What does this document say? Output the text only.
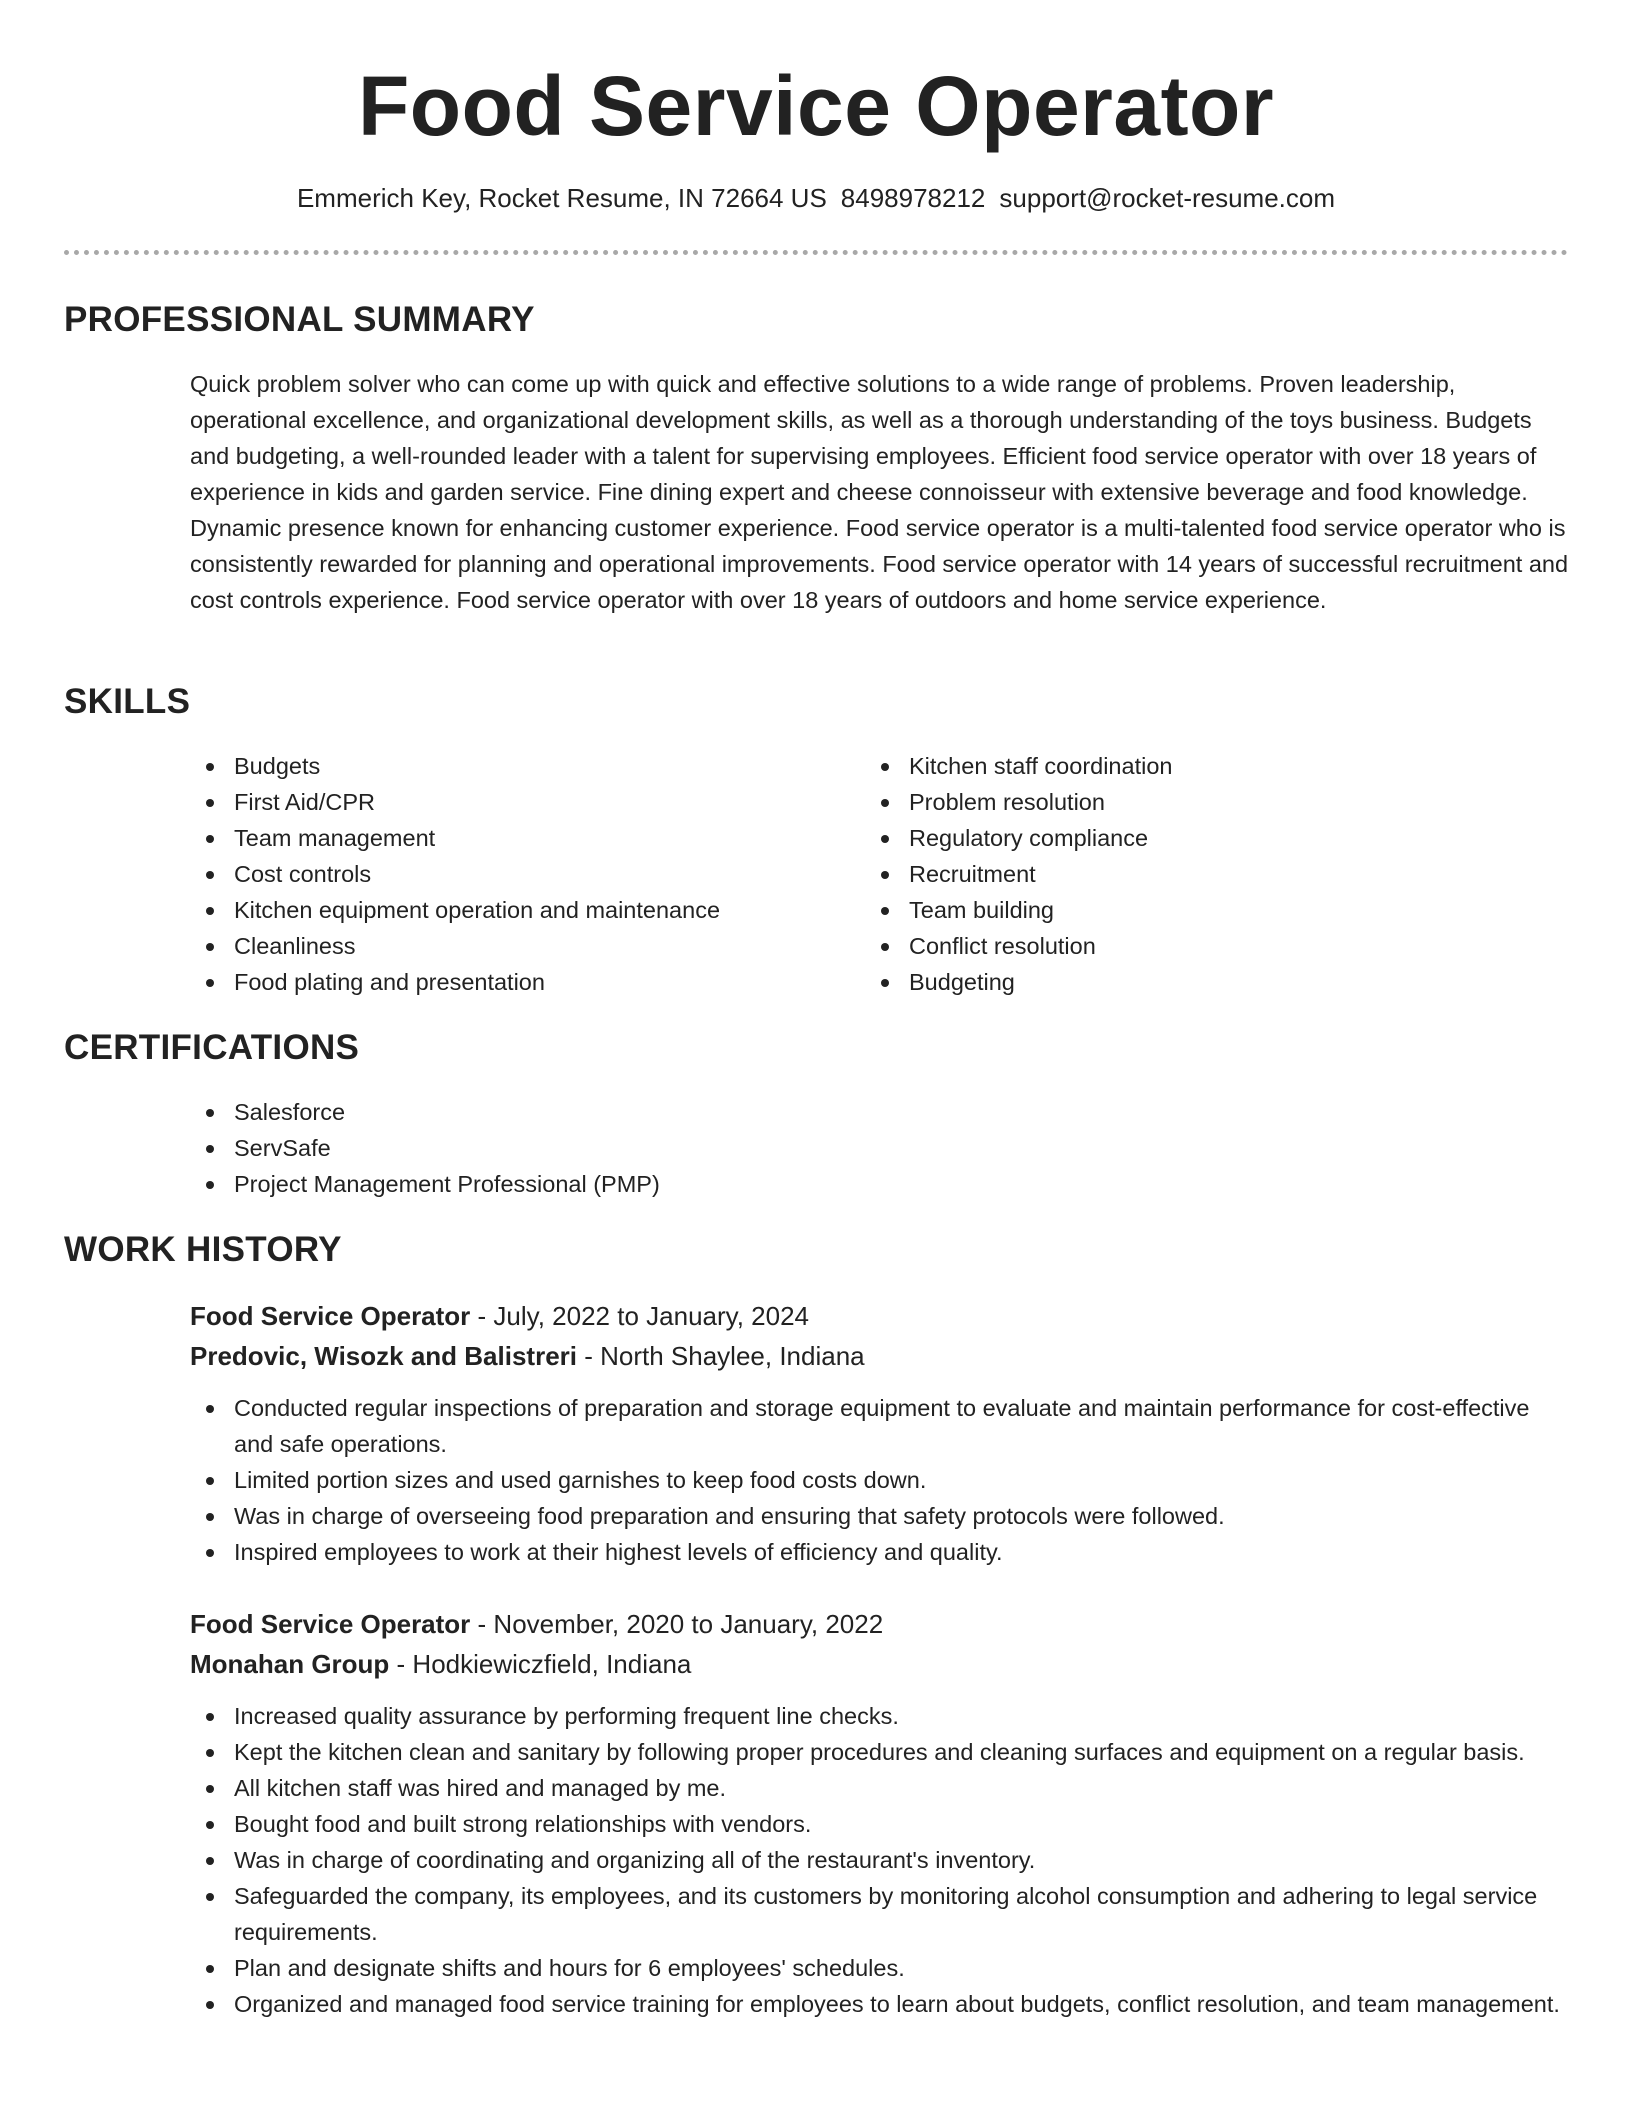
Food Service Operator
Emmerich Key, Rocket Resume, IN 72664 US 8498978212 support@rocket-resume.com
PROFESSIONAL SUMMARY

Quick problem solver who can come up with quick and effective solutions to a wide range of problems. Proven leadership, operational excellence, and organizational development skills, as well as a thorough understanding of the toys business. Budgets and budgeting, a well-rounded leader with a talent for supervising employees. Efficient food service operator with over 18 years of experience in kids and garden service. Fine dining expert and cheese connoisseur with extensive beverage and food knowledge. Dynamic presence known for enhancing customer experience. Food service operator is a multi-talented food service operator who is consistently rewarded for planning and operational improvements. Food service operator with 14 years of successful recruitment and cost controls experience. Food service operator with over 18 years of outdoors and home service experience.

SKILLS
Budgets
First Aid/CPR
Team management
Cost controls
Kitchen equipment operation and maintenance
Cleanliness
Food plating and presentation
Kitchen staff coordination
Problem resolution
Regulatory compliance
Recruitment
Team building
Conflict resolution
Budgeting
CERTIFICATIONS
Salesforce
ServSafe
Project Management Professional (PMP)
WORK HISTORY
Food Service Operator - July, 2022 to January, 2024
Predovic, Wisozk and Balistreri - North Shaylee, Indiana
Conducted regular inspections of preparation and storage equipment to evaluate and maintain performance for cost-effective and safe operations.
Limited portion sizes and used garnishes to keep food costs down.
Was in charge of overseeing food preparation and ensuring that safety protocols were followed.
Inspired employees to work at their highest levels of efficiency and quality.
Food Service Operator - November, 2020 to January, 2022
Monahan Group - Hodkiewiczfield, Indiana
Increased quality assurance by performing frequent line checks.
Kept the kitchen clean and sanitary by following proper procedures and cleaning surfaces and equipment on a regular basis.
All kitchen staff was hired and managed by me.
Bought food and built strong relationships with vendors.
Was in charge of coordinating and organizing all of the restaurant's inventory.
Safeguarded the company, its employees, and its customers by monitoring alcohol consumption and adhering to legal service requirements.
Plan and designate shifts and hours for 6 employees' schedules.
Organized and managed food service training for employees to learn about budgets, conflict resolution, and team management.
